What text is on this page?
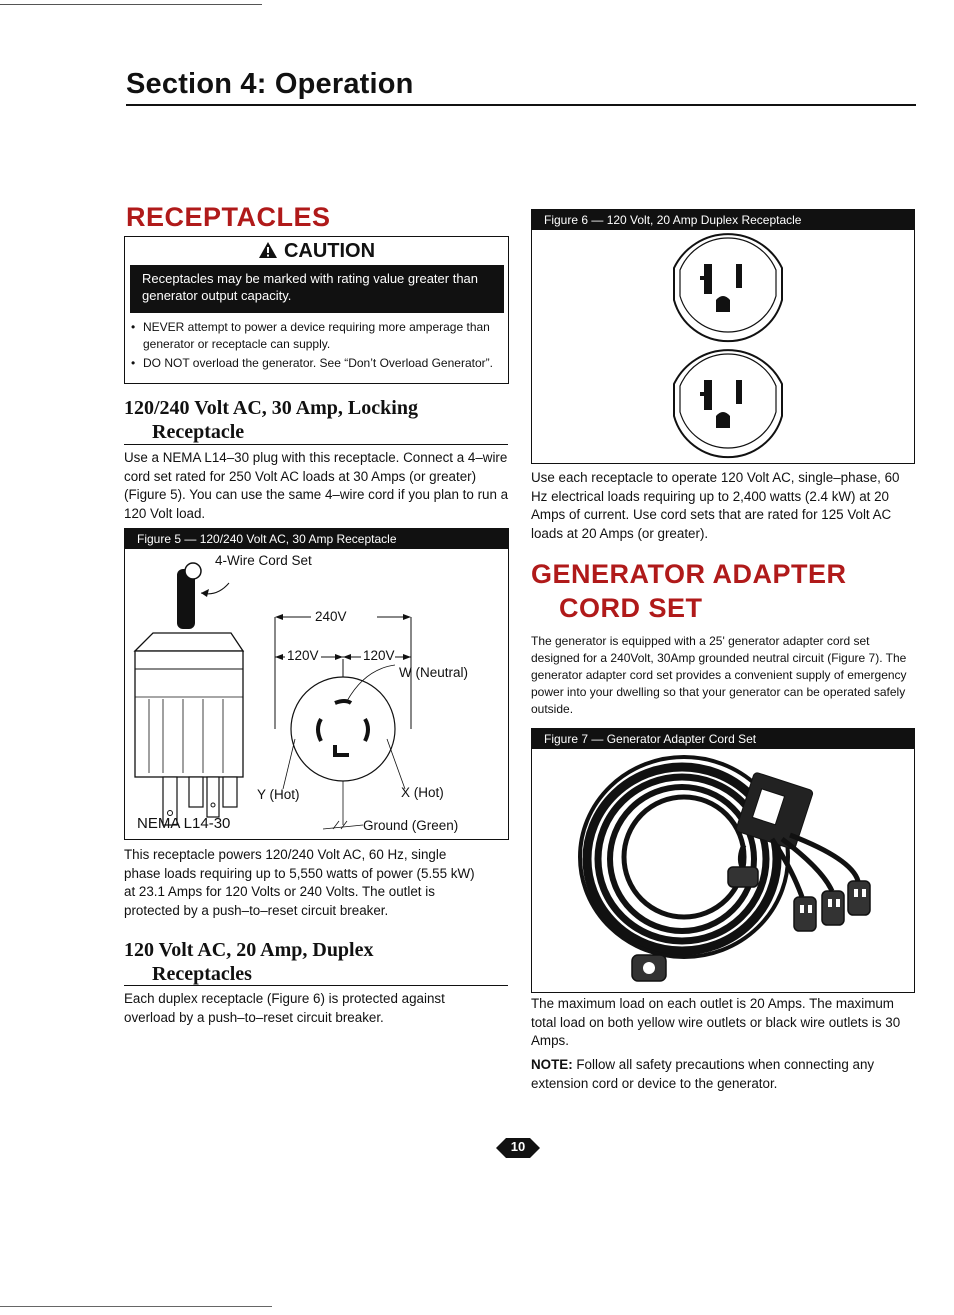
Section 4: Operation
RECEPTACLES
CAUTION
Receptacles may be marked with rating value greater than generator output capacity.
• NEVER attempt to power a device requiring more amperage than generator or receptacle can supply.
• DO NOT overload the generator. See “Don’t Overload Generator”.
120/240 Volt AC, 30 Amp, Locking
Receptacle
Use a NEMA L14–30 plug with this receptacle. Connect a 4–wire cord set rated for 250 Volt AC loads at 30 Amps (or greater) (Figure 5). You can use the same 4–wire cord if you plan to run a 120 Volt load.
Figure 5 — 120/240 Volt AC, 30 Amp Receptacle
4-Wire Cord Set
240V
120V	120V
W (Neutral)
Y (Hot)	X (Hot)
NEMA L14-30	Ground (Green)
This receptacle powers 120/240 Volt AC, 60 Hz, single phase loads requiring up to 5,550 watts of power (5.55 kW) at 23.1 Amps for 120 Volts or 240 Volts. The outlet is protected by a push–to–reset circuit breaker.
120 Volt AC, 20 Amp, Duplex
Receptacles
Each duplex receptacle (Figure 6) is protected against overload by a push–to–reset circuit breaker.
Figure 6 — 120 Volt, 20 Amp Duplex Receptacle
Use each receptacle to operate 120 Volt AC, single–phase, 60 Hz electrical loads requiring up to 2,400 watts (2.4 kW) at 20 Amps of current. Use cord sets that are rated for 125 Volt AC loads at 20 Amps (or greater).
GENERATOR ADAPTER
CORD SET
The generator is equipped with a 25' generator adapter cord set designed for a 240Volt, 30Amp grounded neutral circuit (Figure 7). The generator adapter cord set provides a convenient supply of emergency power into your dwelling so that your generator can be operated safely outside.
Figure 7 — Generator Adapter Cord Set
The maximum load on each outlet is 20 Amps. The maximum total load on both yellow wire outlets or black wire outlets is 30 Amps.
NOTE: Follow all safety precautions when connecting any extension cord or device to the generator.
10
